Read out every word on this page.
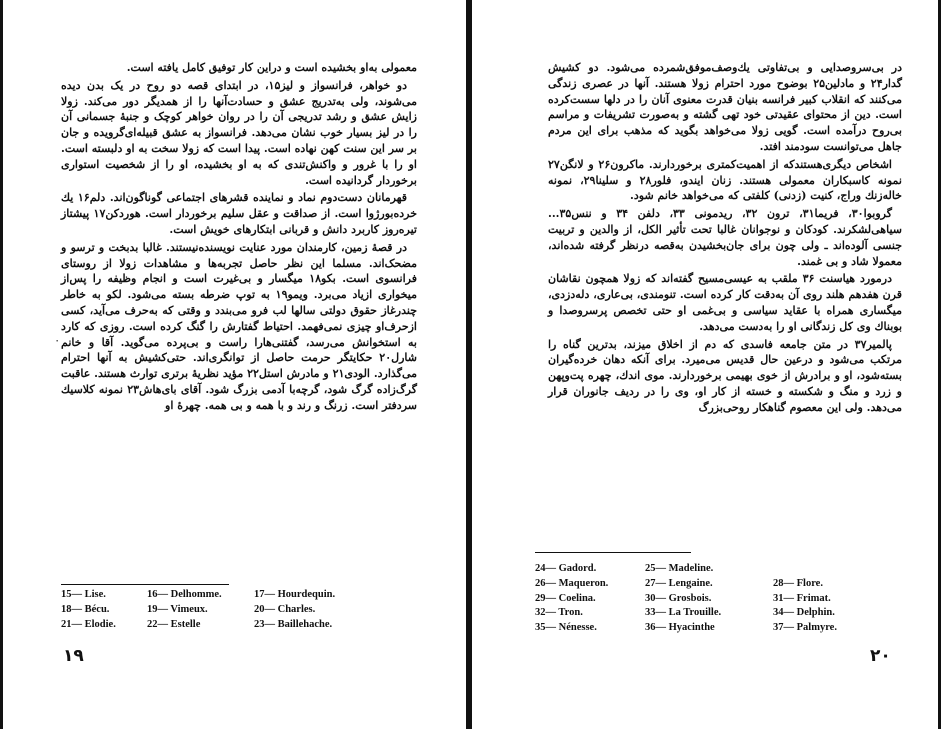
معمولی به‌او بخشیده است و دراین کار توفیق کامل یافته است.

دو خواهر، فرانسواز و لیز۱۵، در ابتدای قصه دو روح در یک بدن دیده می‌شوند، ولی به‌تدریج عشق و حسادت‌آنها را از همدیگر دور می‌کند. زولا زایش عشق و رشد تدریجی آن را در روان خواهر کوچک و جنبهٔ جسمانی آن را در لیز بسیار خوب نشان می‌دهد. فرانسواز به عشق قبیله‌ای‌گرویده و جان بر سر این سنت کهن نهاده است. پیدا است که زولا سخت به او دلبسته است. او را با غرور و واکنش‌تندی که به او بخشیده، او را از شخصیت استواری برخوردار گردانیده است.

قهرمانان دست‌دوم نماد و نماینده قشرهای اجتماعی گوناگون‌اند. دلم۱۶ یك خرده‌بورژوا است. از صداقت و عقل سلیم برخوردار است. هوردکن۱۷ پیشتاز تیره‌روز کاربرد دانش و قربانی ابتکارهای خویش است.

در قصهٔ زمین، کارمندان مورد عنایت نویسنده‌نیستند. غالبا بدبخت و ترسو و مضحک‌اند. مسلما این نظر حاصل تجربه‌ها و مشاهدات زولا از روستای فرانسوی است. بکو۱۸ میگسار و بی‌غیرت است و انجام وظیفه را پس‌از میخواری ازیاد می‌برد. ویمو۱۹ به توپ ضرطه بسته می‌شود. لکو به خاطر چندرغاز حقوق دولتی سالها لب فرو می‌بندد و وقتی که به‌حرف می‌آید، کسی ازحرف‌او چیزی نمی‌فهمد. احتیاط گفتارش را گنگ کرده است. روزی که کارد به استخوانش می‌رسد، گفتنی‌ها‌را راست و بی‌پرده می‌گوید. آقا و خانم شارل۲۰ حکایتگر حرمت حاصل از توانگری‌اند. حتی‌کشیش به آنها احترام می‌گذارد. الودی۲۱ و مادرش استل۲۲ مؤید نظریهٔ برتری توارث هستند. عاقبت گرگ‌زاده گرگ شود، گرچه‌با آدمی بزرگ شود. آقای بای‌هاش۲۳ نمونه کلاسیك سردفتر است. زرنگ و رند و با همه و بی همه. چهره‌ٔ او

۰
15— Lise.	16— Delhomme.	17— Hourdequin.
18— Bécu.	19— Vimeux.	20— Charles.
21— Elodie.	22— Estelle	23— Baillehache.
۱۹

در بی‌سروصدایی و بی‌تفاوتی یك‌وصف‌موفق‌شمرده می‌شود. دو کشیش گدار۲۴ و مادلین۲۵ بوضوح مورد احترام زولا هستند. آنها در عصری زندگی می‌کنند که انقلاب کبیر فرانسه بنیان قدرت معنوی آنان را در دلها سست‌کرده است. دین از محتوای عقیدتی خود تهی گشته و به‌صورت تشریفات و مراسم بی‌روح درآمده است. گویی زولا می‌خواهد بگوید که مذهب برای این مردم جاهل می‌توانست سودمند افتد.

اشخاص دیگری‌هستندکه از اهمیت‌کمتری برخوردارند. ماکرون۲۶ و لانگن۲۷ نمونه کاسبکاران معمولی هستند. زنان ایندو، فلور۲۸ و سلینا۲۹، نمونه خاله‌زنك وراج، کنیت (زدنی) کلفتی که می‌خواهد خانم شود.

گروبوا۳۰، فریما۳۱، ترون ۳۲، ریدمونی ۳۳، دلفن ۳۴ و ننس۳۵... سیاهی‌لشکرند. کودکان و نوجوانان غالبا تحت تأثیر الکل، از والدین و تربیت جنسی آلوده‌اند ـ ولی چون برای جان‌بخشیدن به‌قصه درنظر گرفته شده‌اند، معمولا شاد و بی غمند.

درمورد هیاسنت ۳۶ ملقب به عیسی‌مسیح گفته‌اند که زولا همچون نقاشان قرن هفدهم هلند روی آن به‌دقت کار کرده است. تنومندی، بی‌عاری، دله‌دزدی، میگساری همراه با عقاید سیاسی و بی‌غمی او حتی تخصص پرسروصدا و بوبناك وی کل زندگانی او را به‌دست می‌دهد.

پالمیر۳۷ در متن جامعه فاسدی که دم از اخلاق میزند، بدترین گناه را مرتکب می‌شود و درعین حال قدیس می‌میرد. برای آنکه دهان خرده‌گیران بسته‌شود، او و برادرش از خوی بهیمی برخوردارند. موی اندك، چهره پت‌وپهن و زرد و منگ و شکسته و خسته از کار او، وی را در ردیف جانوران قرار می‌دهد. ولی این معصوم گناهکار روحی‌بزرگ

24— Gadord.	25— Madeline.
26— Maqueron.	27— Lengaine.	28— Flore.
29— Coelina.	30— Grosbois.	31— Frimat.
32— Tron.	33— La Trouille.	34— Delphin.
35— Nénesse.	36— Hyacinthe	37— Palmyre.
۲۰
